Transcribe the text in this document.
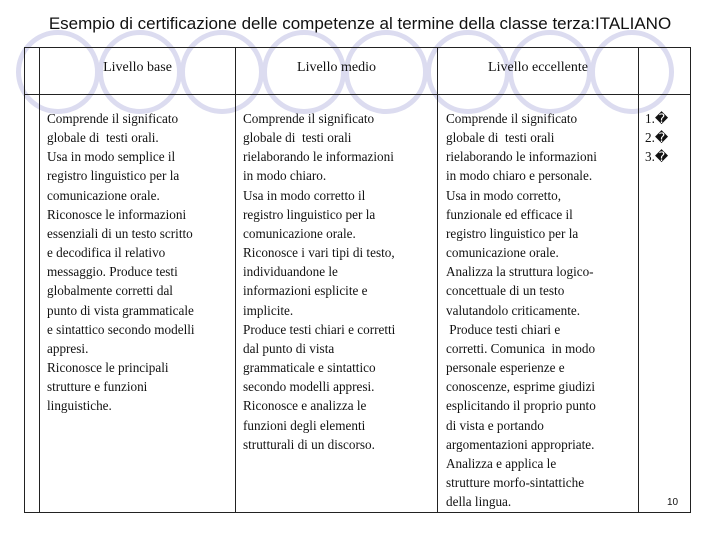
Esempio di certificazione delle competenze al termine della classe terza:ITALIANO
Livello base	Livello medio	Livello eccellente
Comprende il significato
globale di  testi orali.
Usa in modo semplice il
registro linguistico per la
comunicazione orale.
Riconosce le informazioni
essenziali di un testo scritto
e decodifica il relativo
messaggio. Produce testi
globalmente corretti dal
punto di vista grammaticale
e sintattico secondo modelli
appresi.
Riconosce le principali
strutture e funzioni
linguistiche.
Comprende il significato
globale di  testi orali
rielaborando le informazioni
in modo chiaro.
Usa in modo corretto il
registro linguistico per la
comunicazione orale.
Riconosce i vari tipi di testo,
individuandone le
informazioni esplicite e
implicite.
Produce testi chiari e corretti
dal punto di vista
grammaticale e sintattico
secondo modelli appresi.
Riconosce e analizza le
funzioni degli elementi
strutturali di un discorso.
Comprende il significato
globale di  testi orali
rielaborando le informazioni
in modo chiaro e personale.
Usa in modo corretto,
funzionale ed efficace il
registro linguistico per la
comunicazione orale.
Analizza la struttura logico-
concettuale di un testo
valutandolo criticamente.
Produce testi chiari e
corretti. Comunica  in modo
personale esperienze e
conoscenze, esprime giudizi
esplicitando il proprio punto
di vista e portando
argomentazioni appropriate.
Analizza e applica le
strutture morfo-sintattiche
della lingua.
1.�
2.�
3.�
10
